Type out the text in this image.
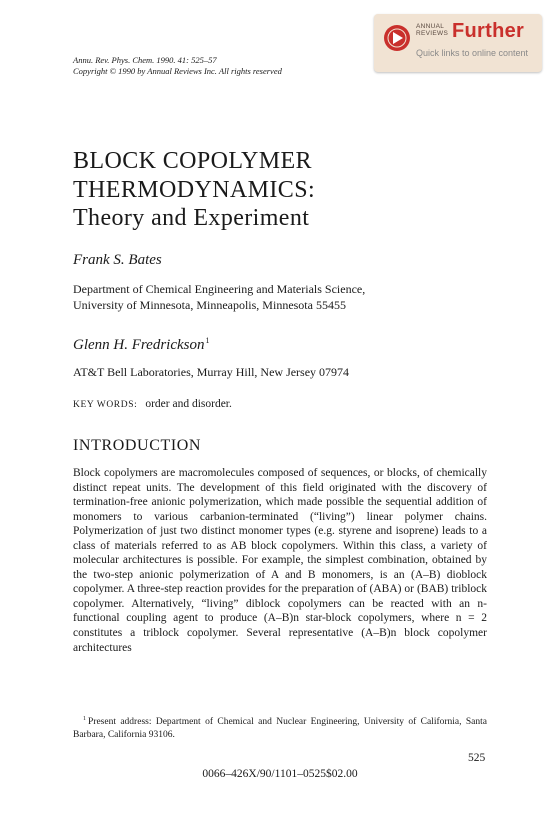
ANNUAL
REVIEWS Further
Quick links to online content
Annu. Rev. Phys. Chem. 1990. 41: 525–57
Copyright © 1990 by Annual Reviews Inc. All rights reserved
BLOCK COPOLYMER
THERMODYNAMICS:
Theory and Experiment
Frank S. Bates
Department of Chemical Engineering and Materials Science,
University of Minnesota, Minneapolis, Minnesota 55455
Glenn H. Fredrickson$^1$
AT&T Bell Laboratories, Murray Hill, New Jersey 07974
KEY WORDS: order and disorder.
INTRODUCTION

Block copolymers are macromolecules composed of sequences, or blocks, of chemically distinct repeat units. The development of this field originated with the discovery of termination-free anionic polymerization, which made possible the sequential addition of monomers to various carbanion-terminated (“living”) linear polymer chains. Polymerization of just two distinct monomer types (e.g. styrene and isoprene) leads to a class of materials referred to as AB block copolymers. Within this class, a variety of molecular architectures is possible. For example, the simplest combination, obtained by the two-step anionic polymerization of A and B monomers, is an (A–B) dioblock copolymer. A three-step reaction provides for the preparation of (ABA) or (BAB) triblock copolymer. Alternatively, “living” diblock copolymers can be reacted with an n-functional coupling agent to produce (A–B)n star-block copolymers, where n = 2 constitutes a triblock copolymer. Several representative (A–B)n block copolymer architectures

$^1$ Present address: Department of Chemical and Nuclear Engineering, University of California, Santa Barbara, California 93106.

525
0066–426X/90/1101–0525$02.00
